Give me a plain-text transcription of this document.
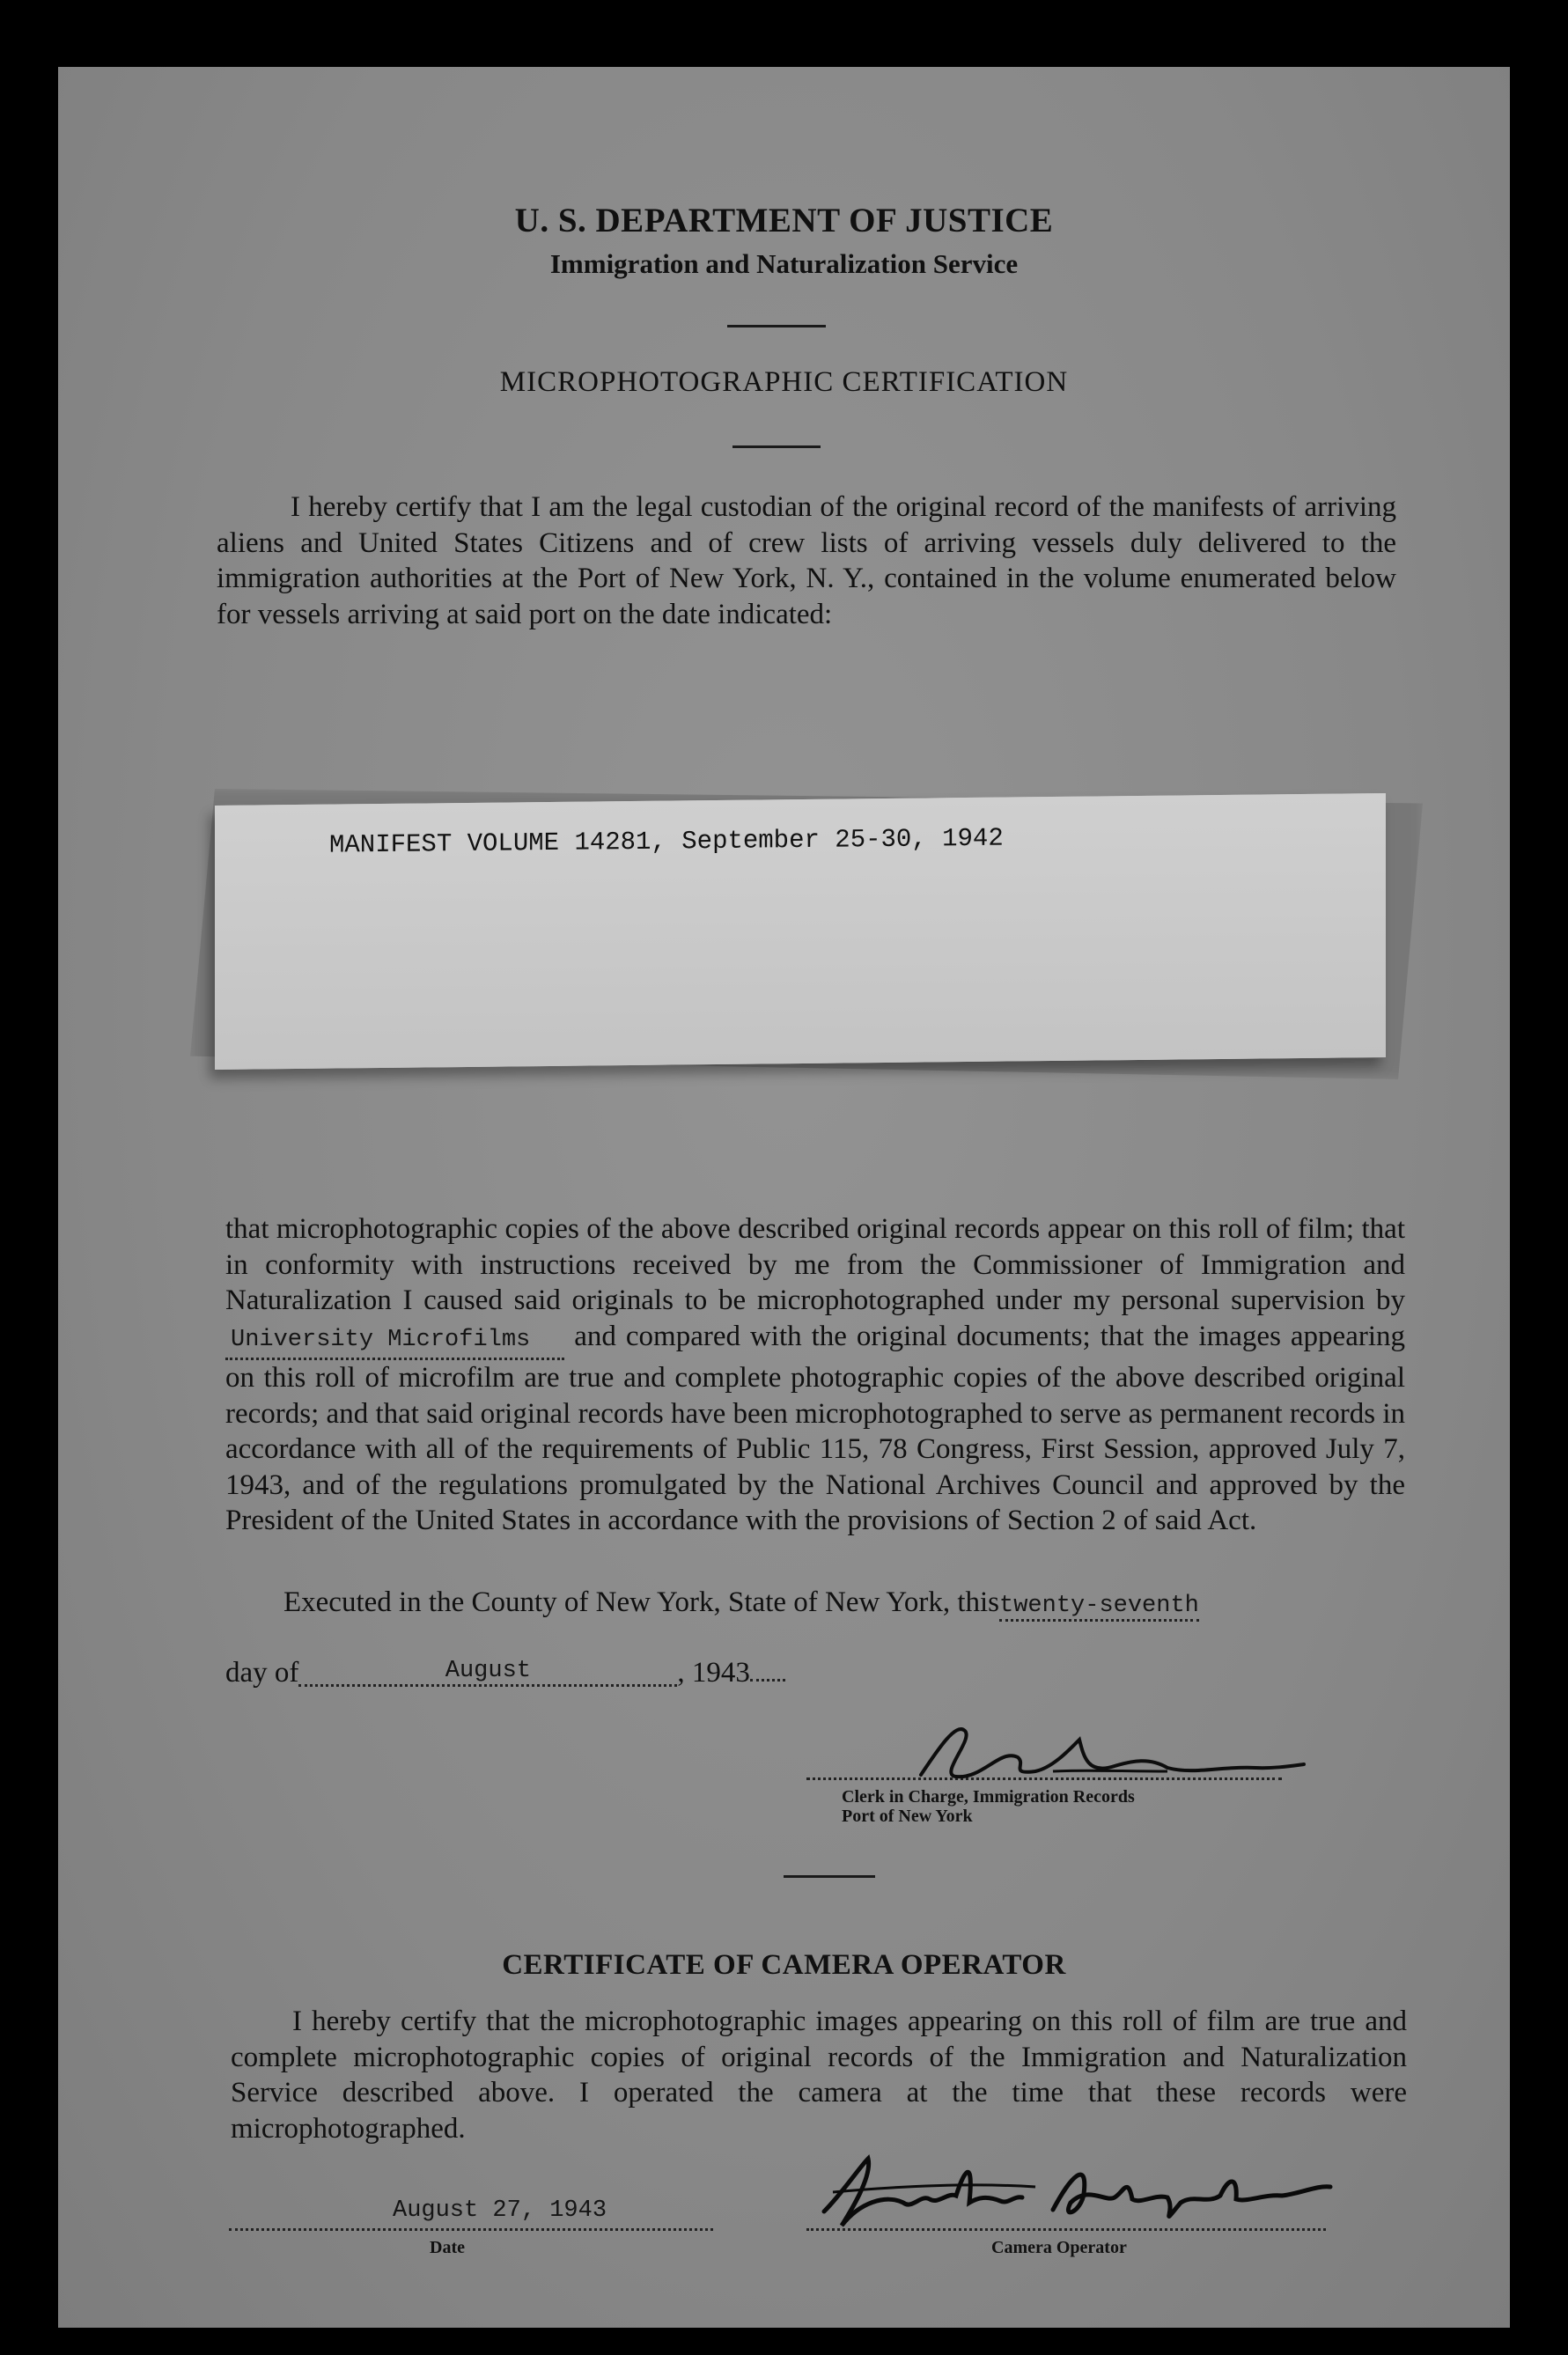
U. S. DEPARTMENT OF JUSTICE
Immigration and Naturalization Service
MICROPHOTOGRAPHIC CERTIFICATION
I hereby certify that I am the legal custodian of the original record of the manifests of arriving aliens and United States Citizens and of crew lists of arriving vessels duly delivered to the immigration authorities at the Port of New York, N. Y., contained in the volume enumerated below for vessels arriving at said port on the date indicated:
MANIFEST VOLUME 14281, September 25-30, 1942
that microphotographic copies of the above described original records appear on this roll of film; that in conformity with instructions received by me from the Commissioner of Immigration and Naturalization I caused said originals to be microphotographed under my personal supervision byUniversity Microfilms and compared with the original documents; that the images appearing on this roll of microfilm are true and complete photographic copies of the above described original records; and that said original records have been microphotographed to serve as permanent records in accordance with all of the requirements of Public 115, 78 Congress, First Session, approved July 7, 1943, and of the regulations promulgated by the National Archives Council and approved by the President of the United States in accordance with the provisions of Section 2 of said Act.
Executed in the County of New York, State of New York, thistwenty-seventh
day of	August	, 1943
Clerk in Charge, Immigration Records
Port of New York
CERTIFICATE OF CAMERA OPERATOR
I hereby certify that the microphotographic images appearing on this roll of film are true and complete microphotographic copies of original records of the Immigration and Naturalization Service described above. I operated the camera at the time that these records were microphotographed.
August 27, 1943
Date	Camera Operator
